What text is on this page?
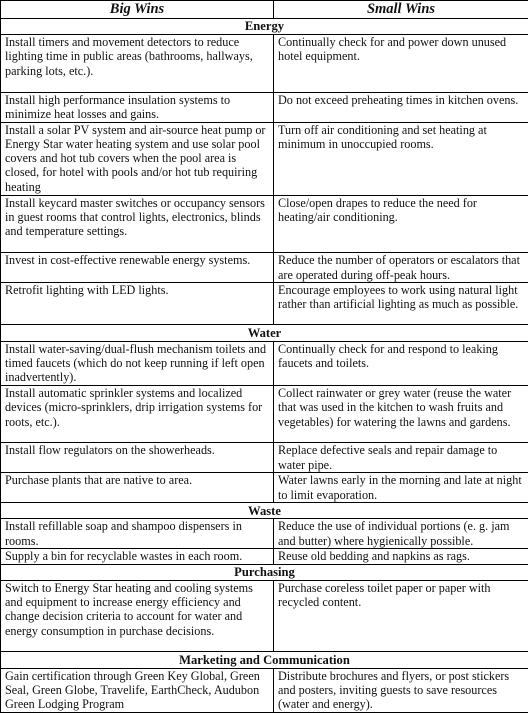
Big Wins	Small Wins
Energy	
Install timers and movement detectors to reduce lighting time in public areas (bathrooms, hallways, parking lots, etc.).	Continually check for and power down unused hotel equipment.
Install high performance insulation systems to minimize heat losses and gains.	Do not exceed preheating times in kitchen ovens.
Install a solar PV system and air-source heat pump or Energy Star water heating system and use solar pool covers and hot tub covers when the pool area is closed, for hotel with pools and/or hot tub requiring heating	Turn off air conditioning and set heating at minimum in unoccupied rooms.
Install keycard master switches or occupancy sensors in guest rooms that control lights, electronics, blinds and temperature settings.	Close/open drapes to reduce the need for heating/air conditioning.
Invest in cost-effective renewable energy systems.	Reduce the number of operators or escalators that are operated during off-peak hours.
Retrofit lighting with LED lights.	Encourage employees to work using natural light rather than artificial lighting as much as possible.
Water	
Install water-saving/dual-flush mechanism toilets and timed faucets (which do not keep running if left open inadvertently).	Continually check for and respond to leaking faucets and toilets.
Install automatic sprinkler systems and localized devices (micro-sprinklers, drip irrigation systems for roots, etc.).	Collect rainwater or grey water (reuse the water that was used in the kitchen to wash fruits and vegetables) for watering the lawns and gardens.
Install flow regulators on the showerheads.	Replace defective seals and repair damage to water pipe.
Purchase plants that are native to area.	Water lawns early in the morning and late at night to limit evaporation.
Waste	
Install refillable soap and shampoo dispensers in rooms.	Reduce the use of individual portions (e. g. jam and butter) where hygienically possible.
Supply a bin for recyclable wastes in each room.	Reuse old bedding and napkins as rags.
Purchasing	
Switch to Energy Star heating and cooling systems and equipment to increase energy efficiency and change decision criteria to account for water and energy consumption in purchase decisions.	Purchase coreless toilet paper or paper with recycled content.
Marketing and Communication	
Gain certification through Green Key Global, Green Seal, Green Globe, Travelife, EarthCheck, Audubon Green Lodging Program	Distribute brochures and flyers, or post stickers and posters, inviting guests to save resources (water and energy).
